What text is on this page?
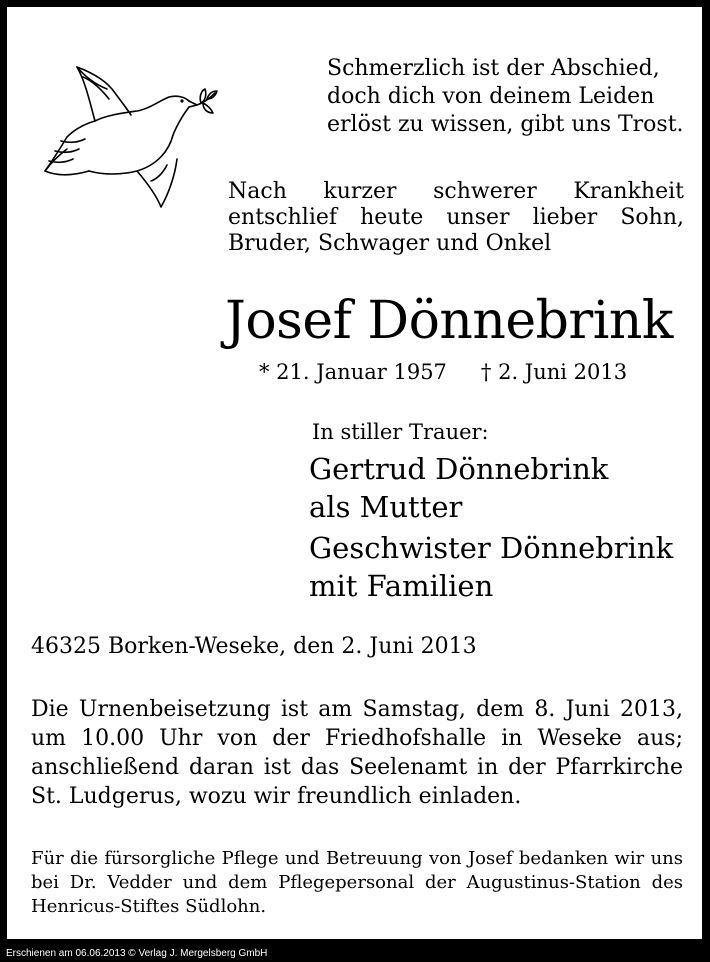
Schmerzlich ist der Abschied,
doch dich von deinem Leiden
erlöst zu wissen, gibt uns Trost.
Nach kurzer schwerer Krankheit entschlief heute unser lieber Sohn, Bruder, Schwager und Onkel
Josef Dönnebrink
* 21. Januar 1957 † 2. Juni 2013
In stiller Trauer:
Gertrud Dönnebrink
als Mutter
Geschwister Dönnebrink
mit Familien
46325 Borken-Weseke, den 2. Juni 2013
Die Urnenbeisetzung ist am Samstag, dem 8. Juni 2013, um 10.00 Uhr von der Friedhofshalle in Weseke aus; anschließend daran ist das Seelenamt in der Pfarrkirche St. Ludgerus, wozu wir freundlich einladen.
Für die fürsorgliche Pflege und Betreuung von Josef bedanken wir uns bei Dr. Vedder und dem Pflegepersonal der Augustinus-Station des Henricus-Stiftes Südlohn.
Erschienen am 06.06.2013 © Verlag J. Mergelsberg GmbH
